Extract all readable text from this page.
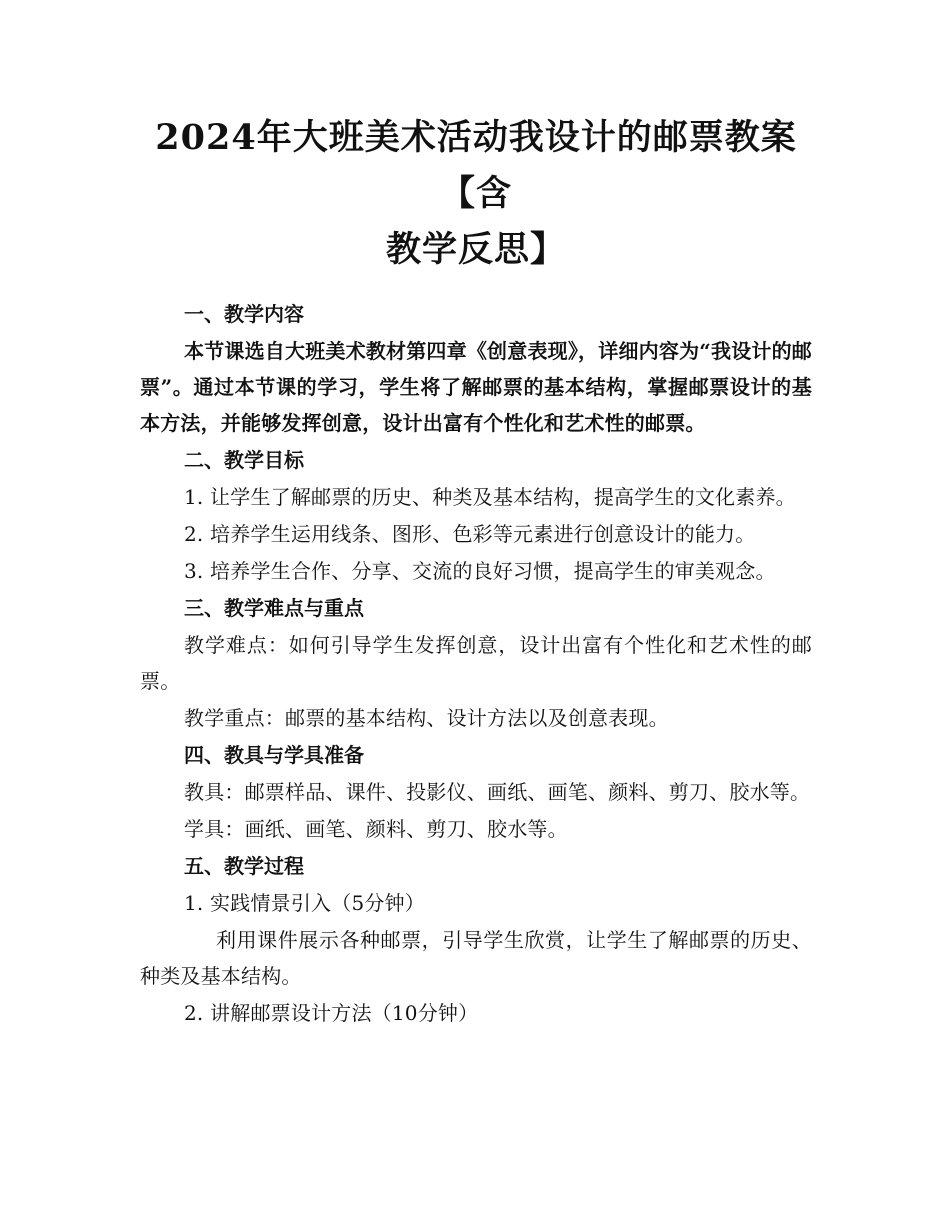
2024年大班美术活动我设计的邮票教案【含
教学反思】
一、教学内容
本节课选自大班美术教材第四章《创意表现》，详细内容为“我设计的邮票”。通过本节课的学习，学生将了解邮票的基本结构，掌握邮票设计的基本方法，并能够发挥创意，设计出富有个性化和艺术性的邮票。
二、教学目标
1. 让学生了解邮票的历史、种类及基本结构，提高学生的文化素养。
2. 培养学生运用线条、图形、色彩等元素进行创意设计的能力。
3. 培养学生合作、分享、交流的良好习惯，提高学生的审美观念。
三、教学难点与重点
教学难点：如何引导学生发挥创意，设计出富有个性化和艺术性的邮票。
教学重点：邮票的基本结构、设计方法以及创意表现。
四、教具与学具准备
教具：邮票样品、课件、投影仪、画纸、画笔、颜料、剪刀、胶水等。
学具：画纸、画笔、颜料、剪刀、胶水等。
五、教学过程
1. 实践情景引入（5分钟）
利用课件展示各种邮票，引导学生欣赏，让学生了解邮票的历史、种类及基本结构。
2. 讲解邮票设计方法（10分钟）
